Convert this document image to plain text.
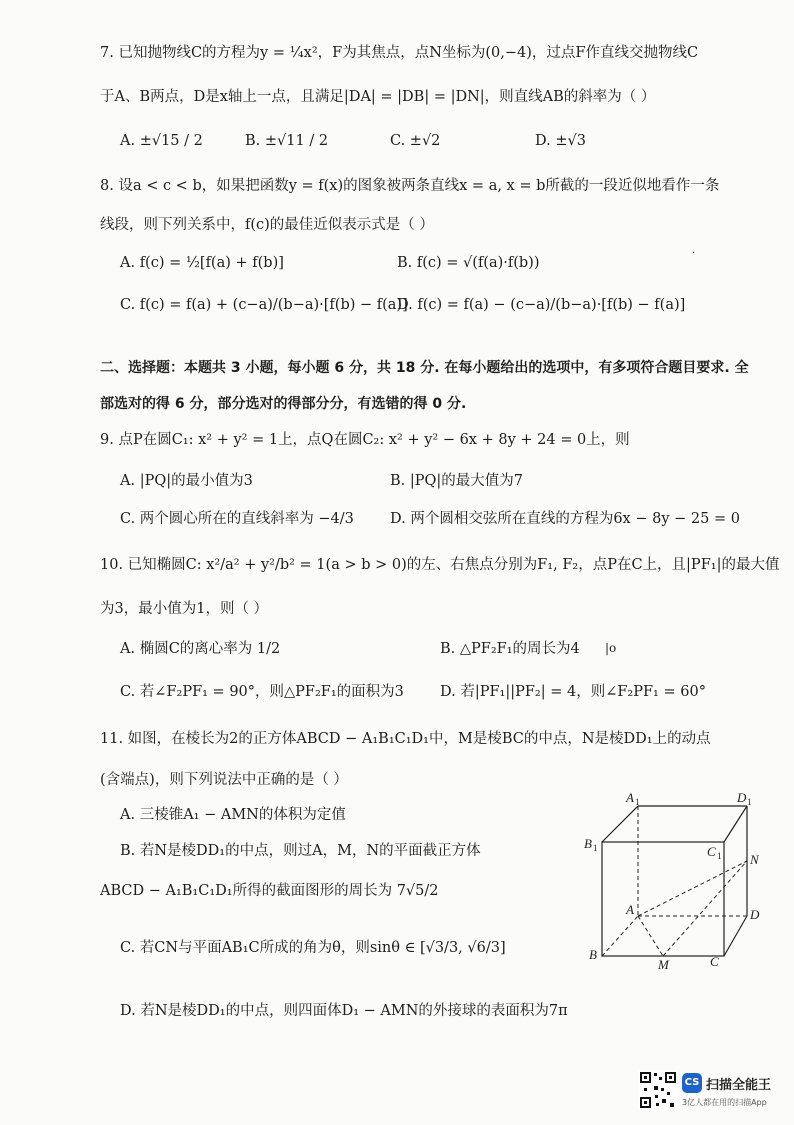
7. 已知抛物线C的方程为y = ¼x²，F为其焦点，点N坐标为(0,−4)，过点F作直线交抛物线C
于A、B两点，D是x轴上一点，且满足|DA| = |DB| = |DN|，则直线AB的斜率为（ ）
A. ±√15 / 2	B. ±√11 / 2	C. ±√2	D. ±√3
8. 设a < c < b，如果把函数y = f(x)的图象被两条直线x = a, x = b所截的一段近似地看作一条
线段，则下列关系中，f(c)的最佳近似表示式是（ ）
A. f(c) = ½[f(a) + f(b)]	B. f(c) = √(f(a)·f(b))
C. f(c) = f(a) + (c−a)/(b−a)·[f(b) − f(a)]
D. f(c) = f(a) − (c−a)/(b−a)·[f(b) − f(a)]
·
二、选择题：本题共 3 小题，每小题 6 分，共 18 分. 在每小题给出的选项中，有多项符合题目要求. 全
部选对的得 6 分，部分选对的得部分分，有选错的得 0 分.
9. 点P在圆C₁: x² + y² = 1上，点Q在圆C₂: x² + y² − 6x + 8y + 24 = 0上，则
A. |PQ|的最小值为3	B. |PQ|的最大值为7
C. 两个圆心所在的直线斜率为 −4/3 D. 两个圆相交弦所在直线的方程为6x − 8y − 25 = 0
10. 已知椭圆C: x²/a² + y²/b² = 1(a > b > 0)的左、右焦点分别为F₁, F₂，点P在C上，且|PF₁|的最大值
为3，最小值为1，则（ ）
A. 椭圆C的离心率为 1/2	B. △PF₂F₁的周长为4 |o
C. 若∠F₂PF₁ = 90°，则△PF₂F₁的面积为3 D. 若|PF₁||PF₂| = 4，则∠F₂PF₁ = 60°
11. 如图，在棱长为2的正方体ABCD − A₁B₁C₁D₁中，M是棱BC的中点，N是棱DD₁上的动点
(含端点)，则下列说法中正确的是（ ）
A. 三棱锥A₁ − AMN的体积为定值
B. 若N是棱DD₁的中点，则过A，M，N的平面截正方体
ABCD − A₁B₁C₁D₁所得的截面图形的周长为 7√5/2
C. 若CN与平面AB₁C所成的角为θ，则sinθ ∈ [√3/3, √6/3]
D. 若N是棱DD₁的中点，则四面体D₁ − AMN的外接球的表面积为7π
A 1	D 1
B 1	C 1 N
A	D
B
M	C
CS 扫描全能王
3亿人都在用的扫描App
